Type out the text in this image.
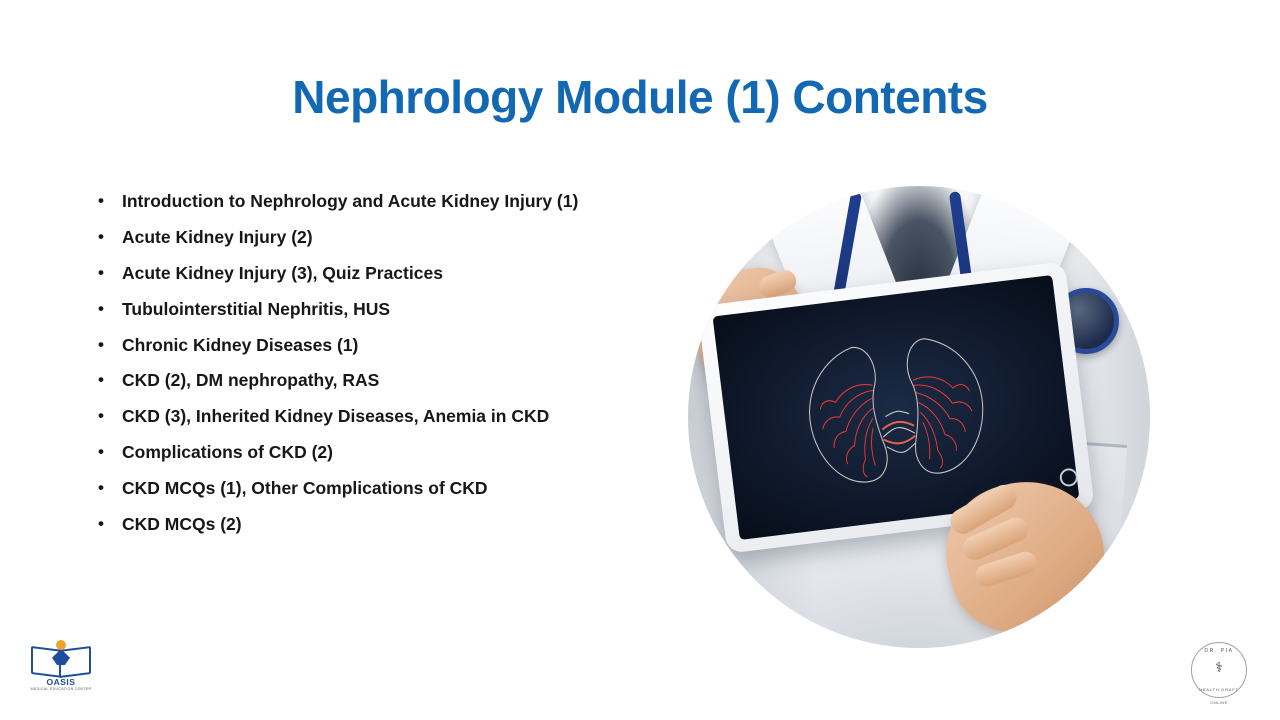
Nephrology Module (1) Contents
• Introduction to Nephrology and Acute Kidney Injury (1)
• Acute Kidney Injury (2)
• Acute Kidney Injury (3), Quiz Practices
• Tubulointerstitial Nephritis, HUS
• Chronic Kidney Diseases (1)
• CKD (2), DM nephropathy, RAS
• CKD (3), Inherited Kidney Diseases, Anemia in CKD
• Complications of CKD (2)
• CKD MCQs (1), Other Complications of CKD
• CKD MCQs (2)
OASIS
MEDICAL EDUCATION CENTER
DR. PIA
⚕
HEALTH DRAFT
ONLINE
